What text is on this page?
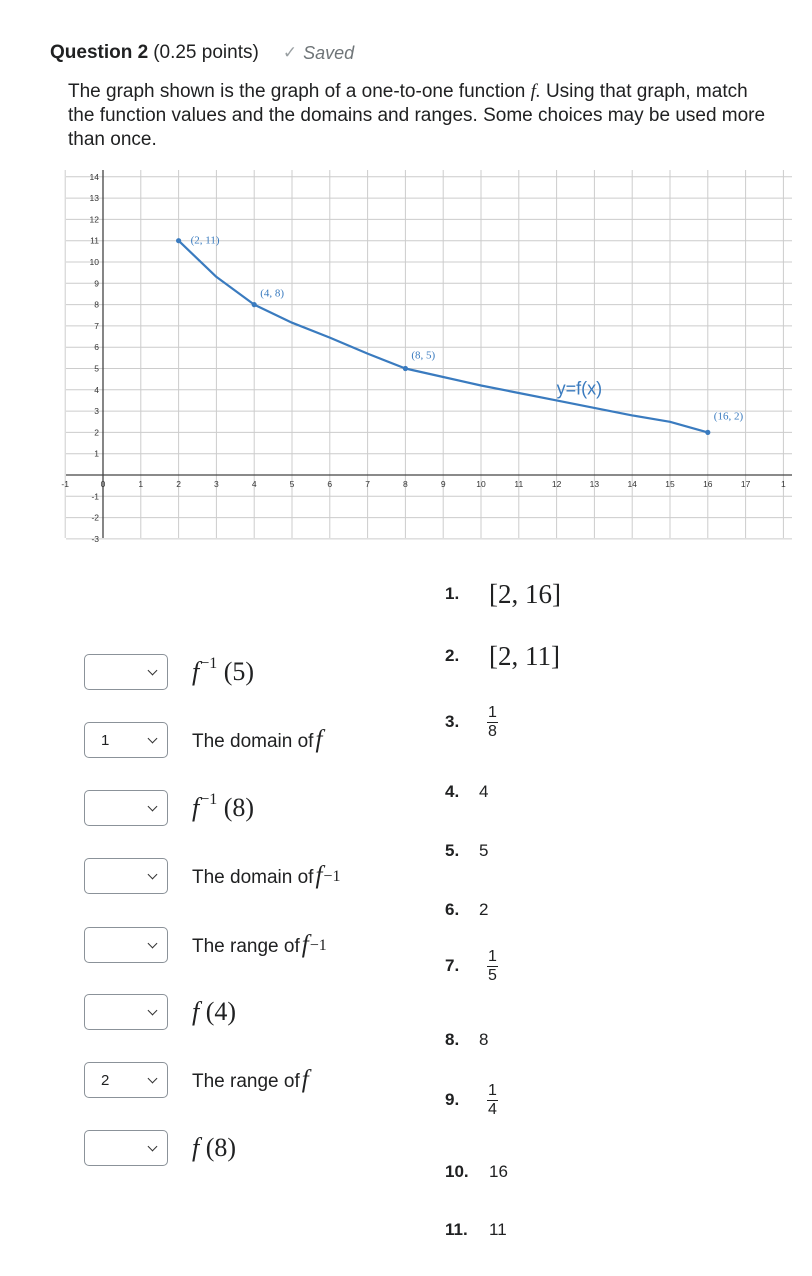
Question 2 (0.25 points) ✓ Saved
The graph shown is the graph of a one-to-one function f. Using that graph, match the function values and the domains and ranges. Some choices may be used more than once.
-1	0	1	2	3	4	5	6	7	8	9	10	11	12	13	14	15	16	17	1
-3
-2
-1
1
2
3
4
5
6
7
8
9
10
11
12
13
14
(2, 11)
(4, 8)
(8, 5)
(16, 2)
y=f(x)
$f^{-1}$ (5)
1	The domain of f
$f^{-1}$ (8)
The domain of $f^{-1}$
The range of $f^{-1}$
f (4)
2	The range of f
f (8)
1.	[2, 16]
2.	[2, 11]
3.	$\frac{1}{8}$
4.	4
5.	5
6.	2
7.	$\frac{1}{5}$
8.	8
9.	$\frac{1}{4}$
10.	16
11.	11
